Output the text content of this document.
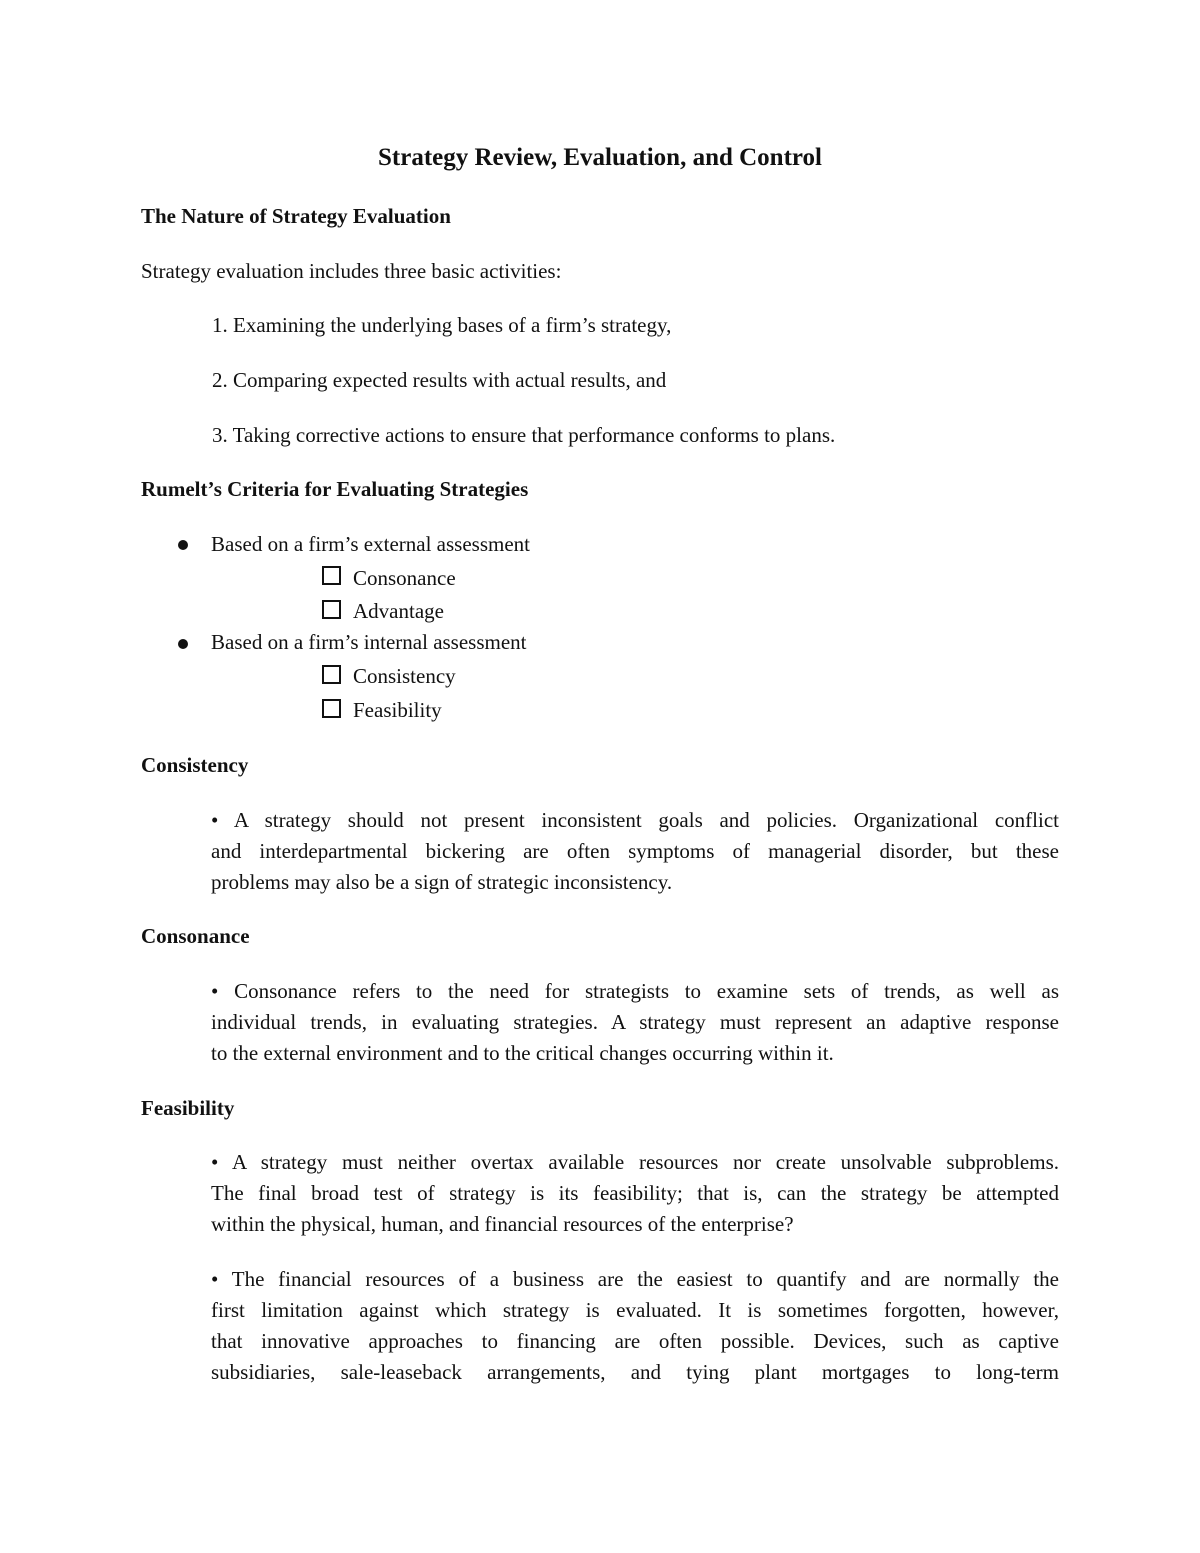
Strategy Review, Evaluation, and Control
The Nature of Strategy Evaluation
Strategy evaluation includes three basic activities:
1. Examining the underlying bases of a firm’s strategy,
2. Comparing expected results with actual results, and
3. Taking corrective actions to ensure that performance conforms to plans.
Rumelt’s Criteria for Evaluating Strategies
Based on a firm’s external assessment
Consonance
Advantage
Based on a firm’s internal assessment
Consistency
Feasibility
Consistency
• A strategy should not present inconsistent goals and policies. Organizational conflict
and interdepartmental bickering are often symptoms of managerial disorder, but these
problems may also be a sign of strategic inconsistency.
Consonance
• Consonance refers to the need for strategists to examine sets of trends, as well as
individual trends, in evaluating strategies. A strategy must represent an adaptive response
to the external environment and to the critical changes occurring within it.
Feasibility
• A strategy must neither overtax available resources nor create unsolvable subproblems.
The final broad test of strategy is its feasibility; that is, can the strategy be attempted
within the physical, human, and financial resources of the enterprise?
• The financial resources of a business are the easiest to quantify and are normally the
first limitation against which strategy is evaluated. It is sometimes forgotten, however,
that innovative approaches to financing are often possible. Devices, such as captive
subsidiaries, sale-leaseback arrangements, and tying plant mortgages to long-term
